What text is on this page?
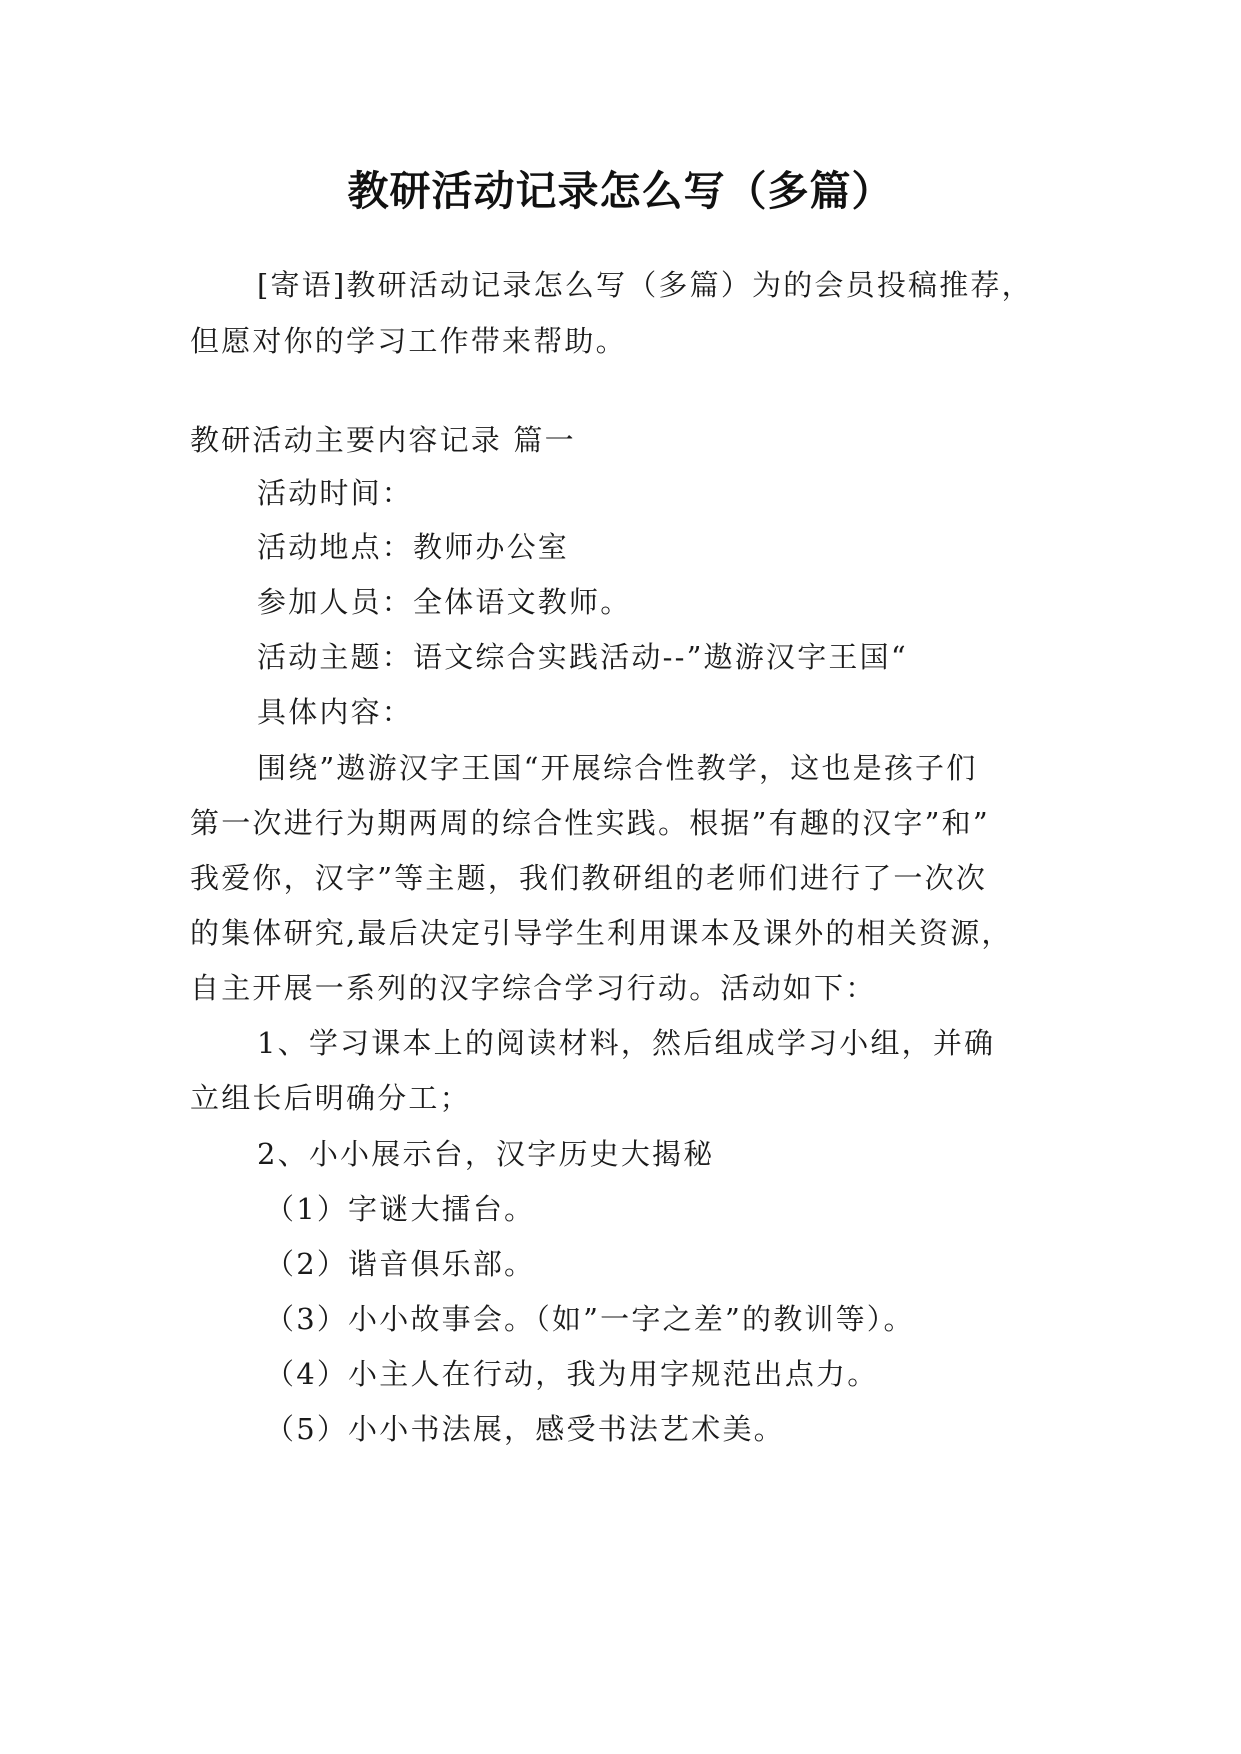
教研活动记录怎么写（多篇）
[寄语]教研活动记录怎么写（多篇）为的会员投稿推荐，
但愿对你的学习工作带来帮助。
教研活动主要内容记录 篇一
活动时间：
活动地点：教师办公室
参加人员：全体语文教师。
活动主题：语文综合实践活动--”遨游汉字王国“
具体内容：
围绕”遨游汉字王国“开展综合性教学，这也是孩子们
第一次进行为期两周的综合性实践。根据”有趣的汉字”和”
我爱你，汉字”等主题，我们教研组的老师们进行了一次次
的集体研究,最后决定引导学生利用课本及课外的相关资源，
自主开展一系列的汉字综合学习行动。活动如下：
1、学习课本上的阅读材料，然后组成学习小组，并确
立组长后明确分工；
2、小小展示台，汉字历史大揭秘
（1）字谜大擂台。
（2）谐音俱乐部。
（3）小小故事会。（如”一字之差”的教训等）。
（4）小主人在行动，我为用字规范出点力。
（5）小小书法展，感受书法艺术美。
